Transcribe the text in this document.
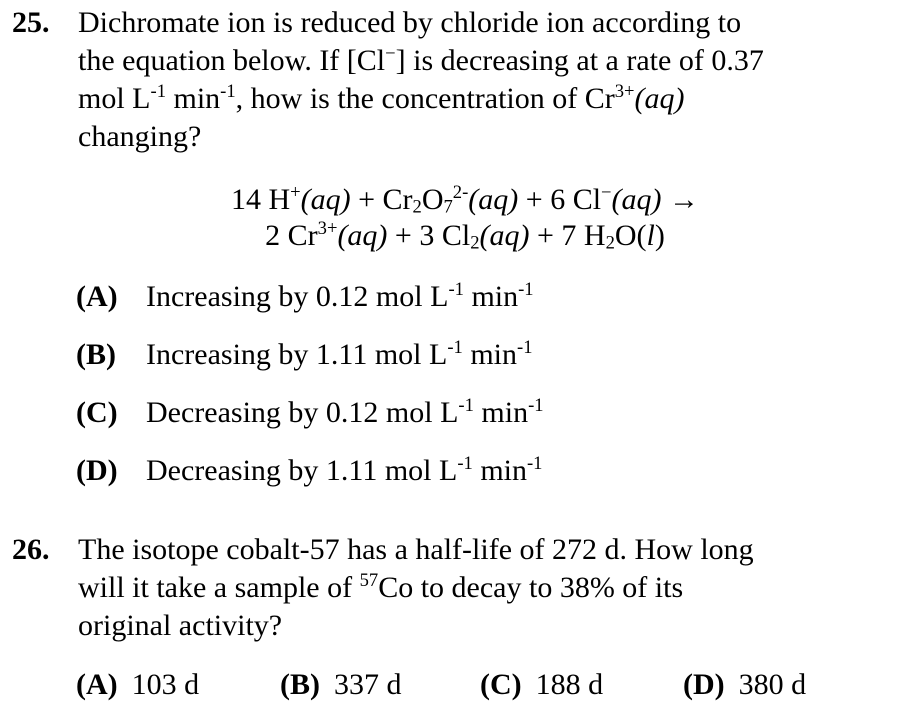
25. Dichromate ion is reduced by chloride ion according to
the equation below. If [Cl−] is decreasing at a rate of 0.37
mol $L^{-1}$ $\min^{-1}$, how is the concentration of $Cr^{3+}(aq)$
changing?
14 $H^+(aq) + Cr_2O_7^{2-}(aq) + 6$ Cl−(aq) →
2 $Cr^{3+}(aq) + 3$ $Cl_2(aq) + 7$ $H_2O(l)$
(A) Increasing by 0.12 mol $L^{-1}$ $\min^{-1}$
(B) Increasing by 1.11 mol $L^{-1}$ $\min^{-1}$
(C) Decreasing by 0.12 mol $L^{-1}$ $\min^{-1}$
(D) Decreasing by 1.11 mol $L^{-1}$ $\min^{-1}$
26. The isotope cobalt-57 has a half-life of 272 d. How long
will it take a sample of $^{57}$Co to decay to 38% of its
original activity?
(A) 103 d	(B) 337 d	(C) 188 d	(D) 380 d
